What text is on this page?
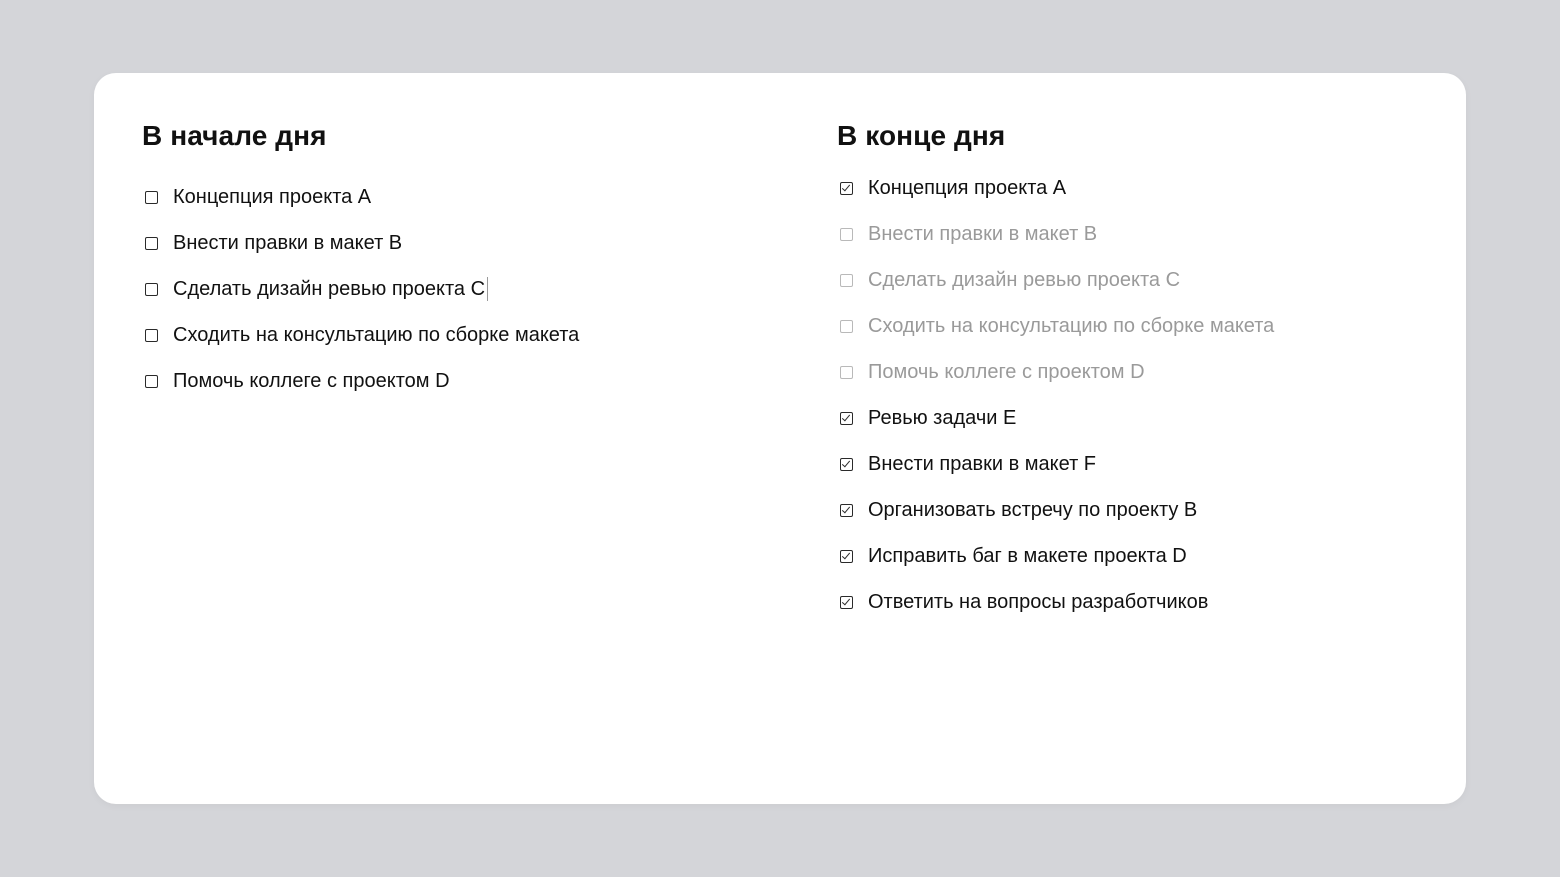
В начале дня
Концепция проекта А
Внести правки в макет B
Сделать дизайн ревью проекта С
Сходить на консультацию по сборке макета
Помочь коллеге с проектом D
В конце дня
Концепция проекта А
Внести правки в макет B
Сделать дизайн ревью проекта С
Сходить на консультацию по сборке макета
Помочь коллеге с проектом D
Ревью задачи E
Внести правки в макет F
Организовать встречу по проекту B
Исправить баг в макете проекта D
Ответить на вопросы разработчиков
